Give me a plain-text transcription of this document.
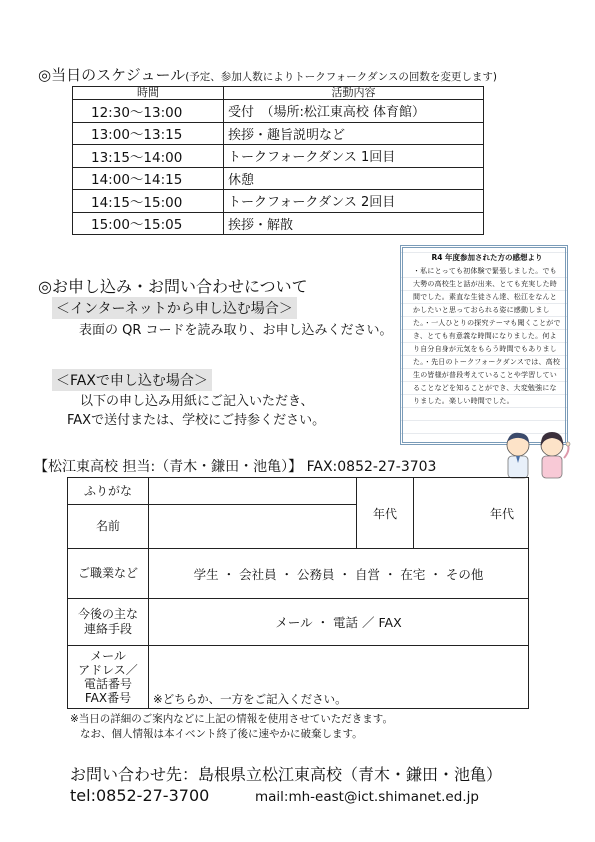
◎当日のスケジュール(予定、参加人数によりトークフォークダンスの回数を変更します)
時間	活動内容
12:30～13:00	受付　（場所:松江東高校 体育館）
13:00～13:15	挨拶・趣旨説明など
13:15～14:00	トークフォークダンス 1回目
14:00～14:15	休憩
14:15～15:00	トークフォークダンス 2回目
15:00～15:05	挨拶・解散
◎お申し込み・お問い合わせについて
＜インターネットから申し込む場合＞
表面の QR コードを読み取り、お申し込みください。
＜FAXで申し込む場合＞
以下の申し込み用紙にご記入いただき、
FAXで送付または、学校にご持参ください。
R4 年度参加された方の感想より
・私にとっても初体験で緊張しました。でも大勢の高校生と話が出来、とても充実した時間でした。素直な生徒さん達、松江をなんとかしたいと思っておられる姿に感動しました。・一人ひとりの探究テーマも聞くことができ、とても有意義な時間になりました。何より自分自身が元気をもらう時間でもありました。・先日のトークフォークダンスでは、高校生の皆様が普段考えていることや学習していることなどを知ることができ、大変勉強になりました。楽しい時間でした。
【松江東高校 担当:（青木・鎌田・池亀）】 FAX:0852-27-3703
ふりがな		年代	年代
名前			
ご職業など	学生 ・ 会社員 ・ 公務員 ・ 自営 ・ 在宅 ・ その他		

今後の主な
連絡手段	メール ・ 電話 ／ FAX		

メール
アドレス／
電話番号
FAX番号	※どちらか、一方をご記入ください。		
※当日の詳細のご案内などに上記の情報を使用させていただきます。
なお、個人情報は本イベント終了後に速やかに破棄します。
お問い合わせ先：島根県立松江東高校（青木・鎌田・池亀）
tel:0852-27-3700	mail:mh-east@ict.shimanet.ed.jp
